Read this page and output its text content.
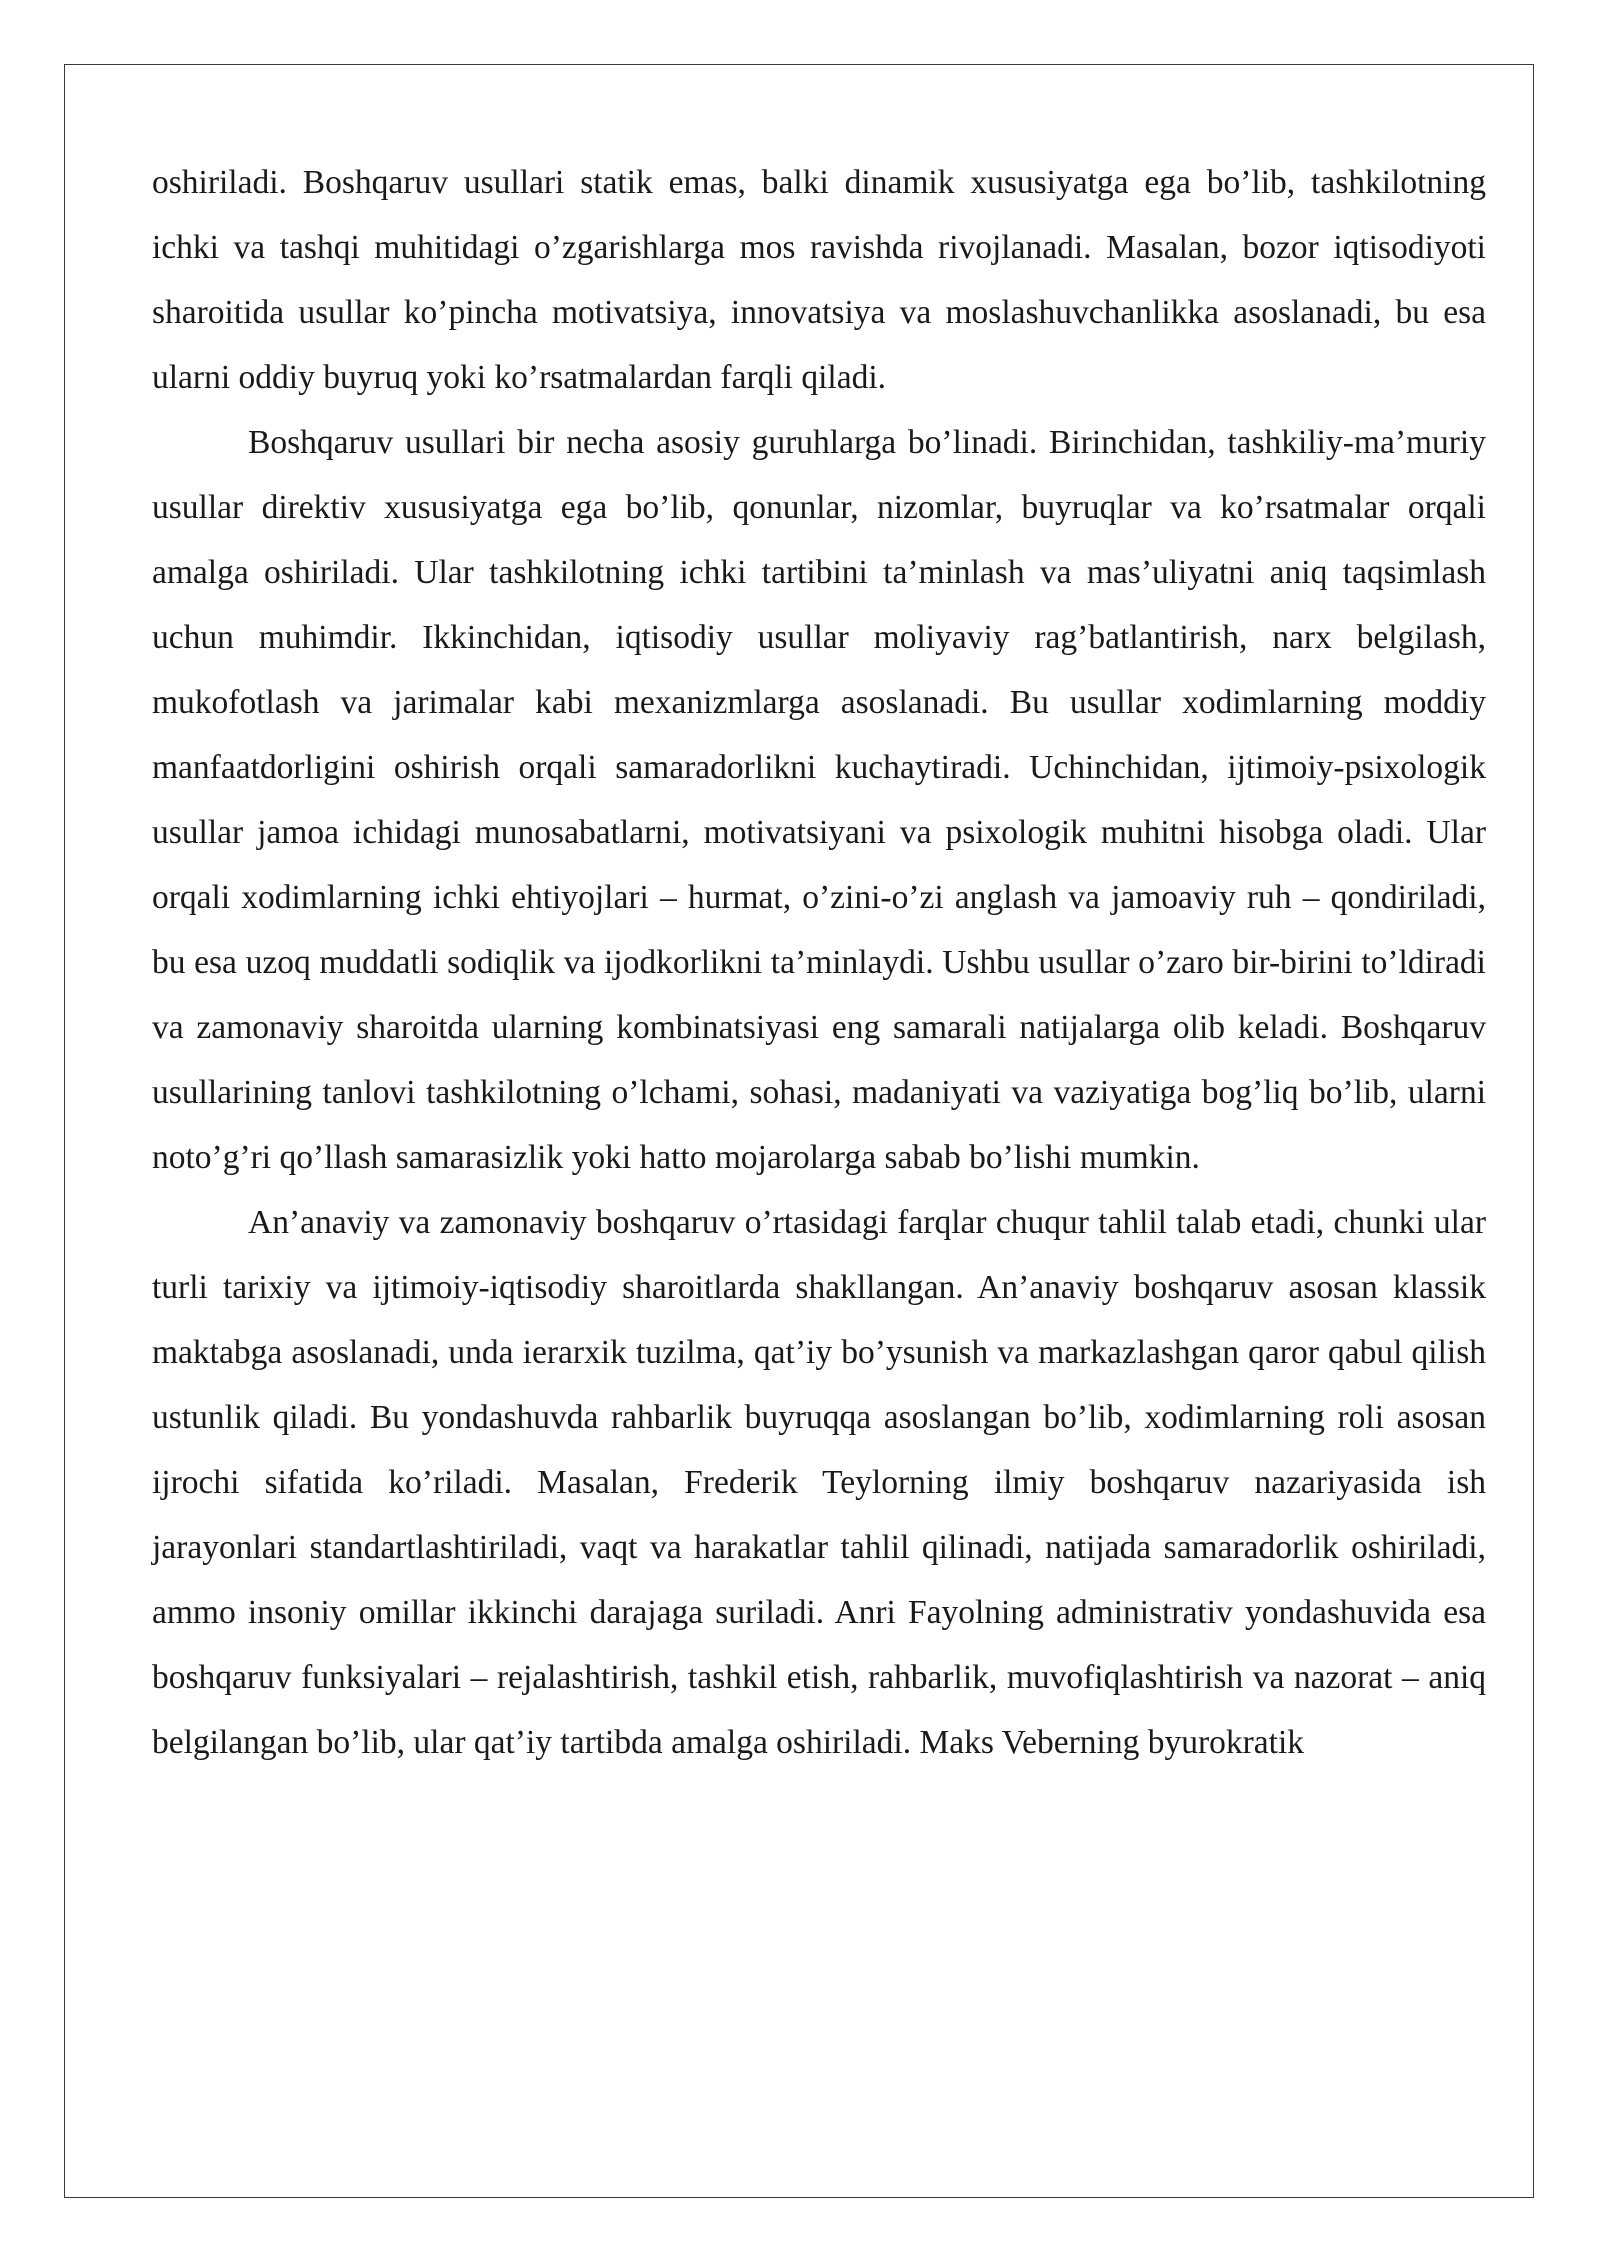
oshiriladi. Boshqaruv usullari statik emas, balki dinamik xususiyatga ega bo’lib, tashkilotning ichki va tashqi muhitidagi o’zgarishlarga mos ravishda rivojlanadi. Masalan, bozor iqtisodiyoti sharoitida usullar ko’pincha motivatsiya, innovatsiya va moslashuvchanlikka asoslanadi, bu esa ularni oddiy buyruq yoki ko’rsatmalardan farqli qiladi.

Boshqaruv usullari bir necha asosiy guruhlarga bo’linadi. Birinchidan, tashkiliy-ma’muriy usullar direktiv xususiyatga ega bo’lib, qonunlar, nizomlar, buyruqlar va ko’rsatmalar orqali amalga oshiriladi. Ular tashkilotning ichki tartibini ta’minlash va mas’uliyatni aniq taqsimlash uchun muhimdir. Ikkinchidan, iqtisodiy usullar moliyaviy rag’batlantirish, narx belgilash, mukofotlash va jarimalar kabi mexanizmlarga asoslanadi. Bu usullar xodimlarning moddiy manfaatdorligini oshirish orqali samaradorlikni kuchaytiradi. Uchinchidan, ijtimoiy-psixologik usullar jamoa ichidagi munosabatlarni, motivatsiyani va psixologik muhitni hisobga oladi. Ular orqali xodimlarning ichki ehtiyojlari – hurmat, o’zini-o’zi anglash va jamoaviy ruh – qondiriladi, bu esa uzoq muddatli sodiqlik va ijodkorlikni ta’minlaydi. Ushbu usullar o’zaro bir-birini to’ldiradi va zamonaviy sharoitda ularning kombinatsiyasi eng samarali natijalarga olib keladi. Boshqaruv usullarining tanlovi tashkilotning o’lchami, sohasi, madaniyati va vaziyatiga bog’liq bo’lib, ularni noto’g’ri qo’llash samarasizlik yoki hatto mojarolarga sabab bo’lishi mumkin.

An’anaviy va zamonaviy boshqaruv o’rtasidagi farqlar chuqur tahlil talab etadi, chunki ular turli tarixiy va ijtimoiy-iqtisodiy sharoitlarda shakllangan. An’anaviy boshqaruv asosan klassik maktabga asoslanadi, unda ierarxik tuzilma, qat’iy bo’ysunish va markazlashgan qaror qabul qilish ustunlik qiladi. Bu yondashuvda rahbarlik buyruqqa asoslangan bo’lib, xodimlarning roli asosan ijrochi sifatida ko’riladi. Masalan, Frederik Teylorning ilmiy boshqaruv nazariyasida ish jarayonlari standartlashtiriladi, vaqt va harakatlar tahlil qilinadi, natijada samaradorlik oshiriladi, ammo insoniy omillar ikkinchi darajaga suriladi. Anri Fayolning administrativ yondashuvida esa boshqaruv funksiyalari – rejalashtirish, tashkil etish, rahbarlik, muvofiqlashtirish va nazorat – aniq belgilangan bo’lib, ular qat’iy tartibda amalga oshiriladi. Maks Veberning byurokratik
